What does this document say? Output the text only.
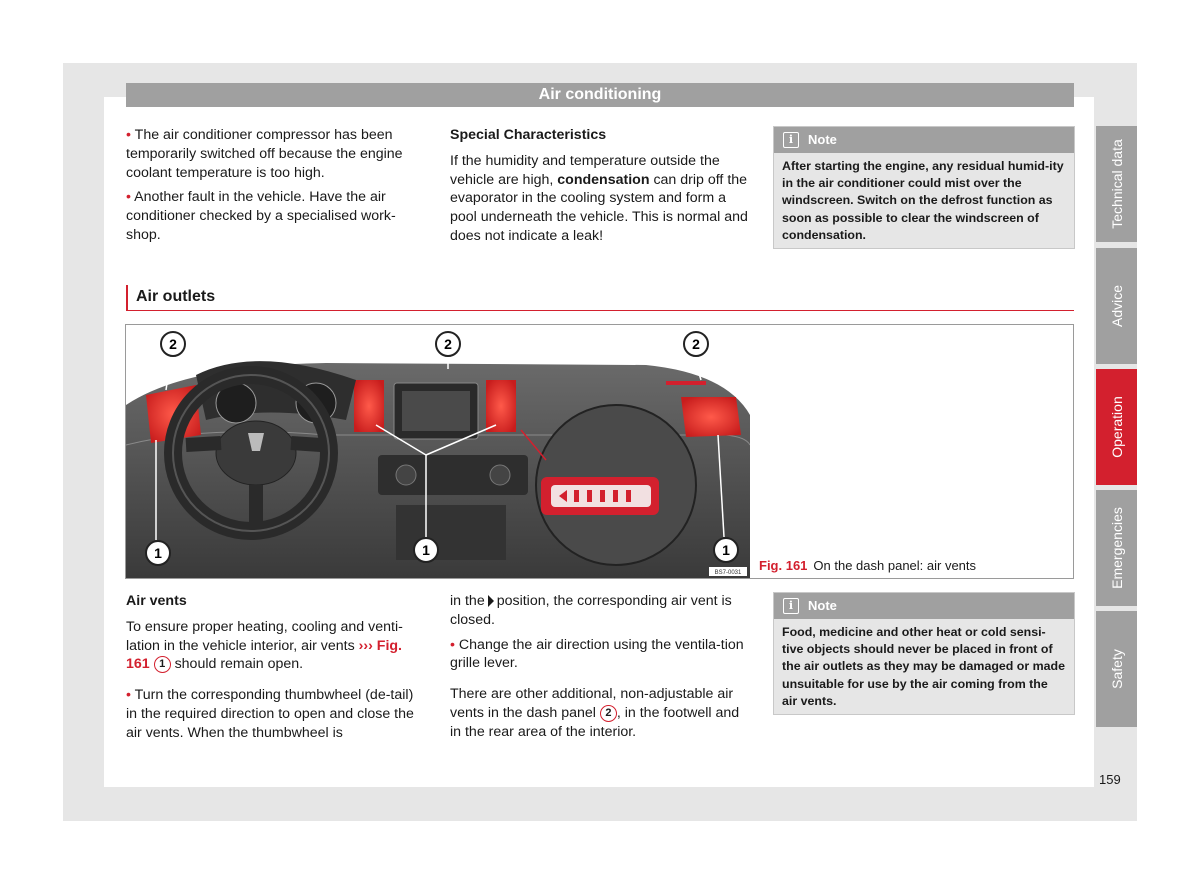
Air conditioning

• The air conditioner compressor has been temporarily switched off because the engine coolant temperature is too high.

• Another fault in the vehicle. Have the air conditioner checked by a specialised work-shop.

Special Characteristics

If the humidity and temperature outside the vehicle are high, condensation can drip off the evaporator in the cooling system and form a pool underneath the vehicle. This is normal and does not indicate a leak!

i	Note
After starting the engine, any residual humid-ity in the air conditioner could mist over the windscreen. Switch on the defrost function as soon as possible to clear the windscreen of condensation.
Air outlets
2	2	2
1	1	1
BS7-0031 Fig. 161 On the dash panel: air vents

Air vents

To ensure proper heating, cooling and venti-lation in the vehicle interior, air vents ››› Fig. 161 1 should remain open.

• Turn the corresponding thumbwheel (de-tail) in the required direction to open and close the air vents. When the thumbwheel is

in the position, the corresponding air vent is closed.

• Change the air direction using the ventila-tion grille lever.

There are other additional, non-adjustable air vents in the dash panel 2 , in the footwell and in the rear area of the interior.

i	Note
Food, medicine and other heat or cold sensi-tive objects should never be placed in front of the air outlets as they may be damaged or made unsuitable for use by the air coming from the air vents.
Technical data
Advice
Operation
Emergencies
Safety
159
